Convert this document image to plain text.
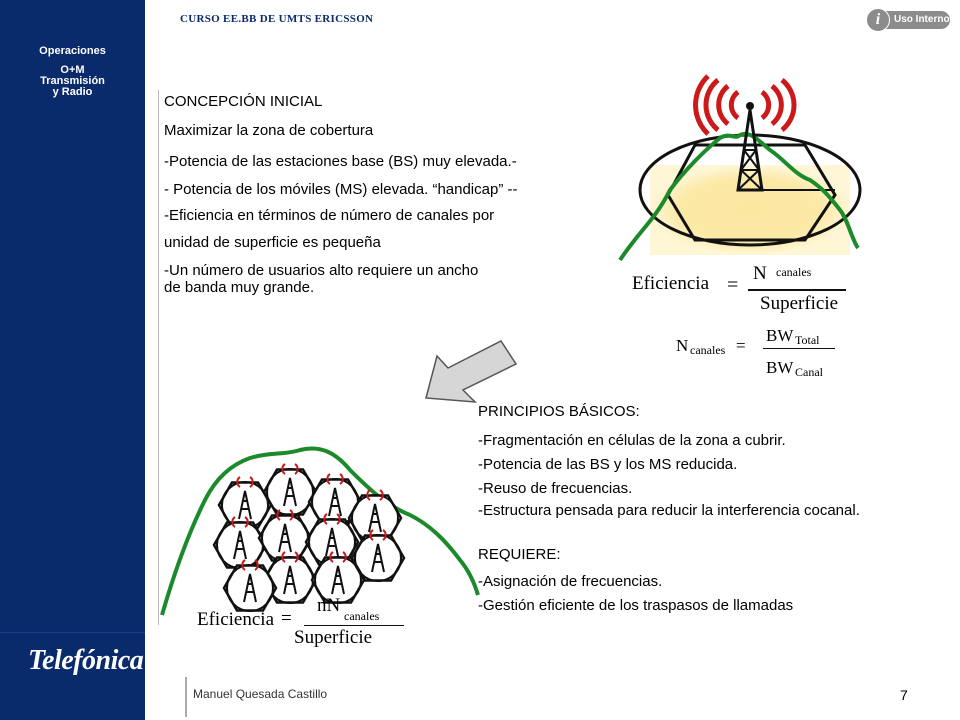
Operaciones
O+M
Transmisión
y Radio
Telefónica
CURSO EE.BB DE UMTS ERICSSON	i	Uso Interno
CONCEPCIÓN INICIAL
Maximizar la zona de cobertura
-Potencia de las estaciones base (BS) muy elevada.-
- Potencia de los móviles (MS) elevada. “handicap” --
-Eficiencia en términos de número de canales por
unidad de superficie es pequeña
-Un número de usuarios alto requiere un ancho
de banda muy grande.	Eficiencia =
N canales
Superficie
N canales =
BW Total
BW Canal
PRINCIPIOS BÁSICOS:
-Fragmentación en células de la zona a cubrir.
-Potencia de las BS y los MS reducida.
-Reuso de frecuencias.
-Estructura pensada para reducir la interferencia cocanal.
REQUIERE:
-Asignación de frecuencias.
-Gestión eficiente de los traspasos de llamadas
Eficiencia =
nN canales
Superficie
Manuel Quesada Castillo	7
